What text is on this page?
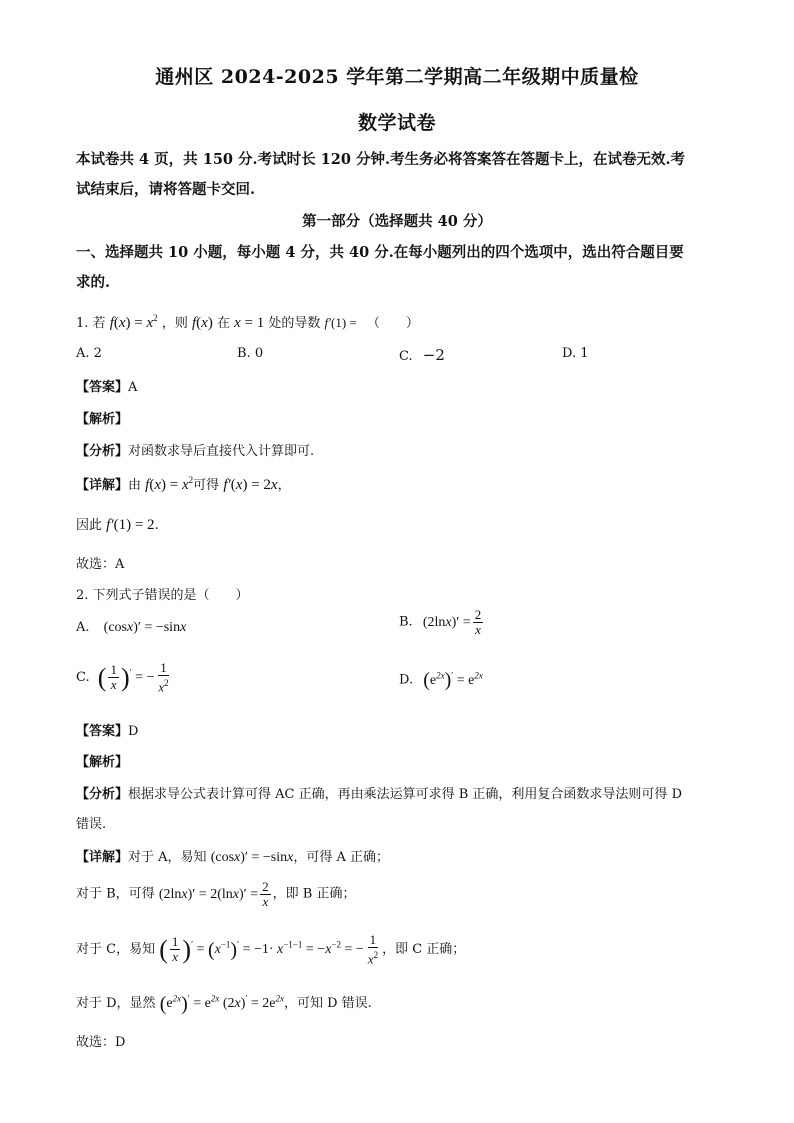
通州区 2024-2025 学年第二学期高二年级期中质量检
数学试卷
本试卷共 4 页，共 150 分.考试时长 120 分钟.考生务必将答案答在答题卡上，在试卷无效.考
试结束后，请将答题卡交回.
第一部分（选择题共 40 分）
一、选择题共 10 小题，每小题 4 分，共 40 分.在每小题列出的四个选项中，选出符合题目要
求的.
1. 若 $f(x) = x^2$ ，则 f(x) 在 x = 1 处的导数 f′(1) = （　　）
A. 2	B. 0	C. −2	D. 1
【答案】A
【解析】
【分析】对函数求导后直接代入计算即可.
【详解】由 $f(x) = x^2$可得 f′(x) = 2x，
因此 f′(1) = 2.
故选：A
2. 下列式子错误的是（　　）
A. (cosx)′ = −sinx	B. $(2\ln x)' = \frac{2}{x}$
C. ( $\frac{1}{x} )'$ = − $\frac{1}{x^2}$	D. $(e^{2x})' = e^{2x}$
【答案】D
【解析】
【分析】根据求导公式表计算可得 AC 正确，再由乘法运算可求得 B 正确，利用复合函数求导法则可得 D
错误.
【详解】对于 A，易知 (cosx)′ = −sinx，可得 A 正确；
对于 B，可得 $(2\ln x)' = 2(\ln x)' = \frac{2}{x}$ ，即 B 正确；
对于 C，易知 ( $\frac{1}{x} )' = (x^{-1})' = -1\cdot x^{-1-1} = -x^{-2}$ = − $\frac{1}{x^2}$ ，即 C 正确；
对于 D，显然 $(e^{2x})' = e^{2x}$ $(2x)' = 2e^{2x}$，可知 D 错误.
故选：D
